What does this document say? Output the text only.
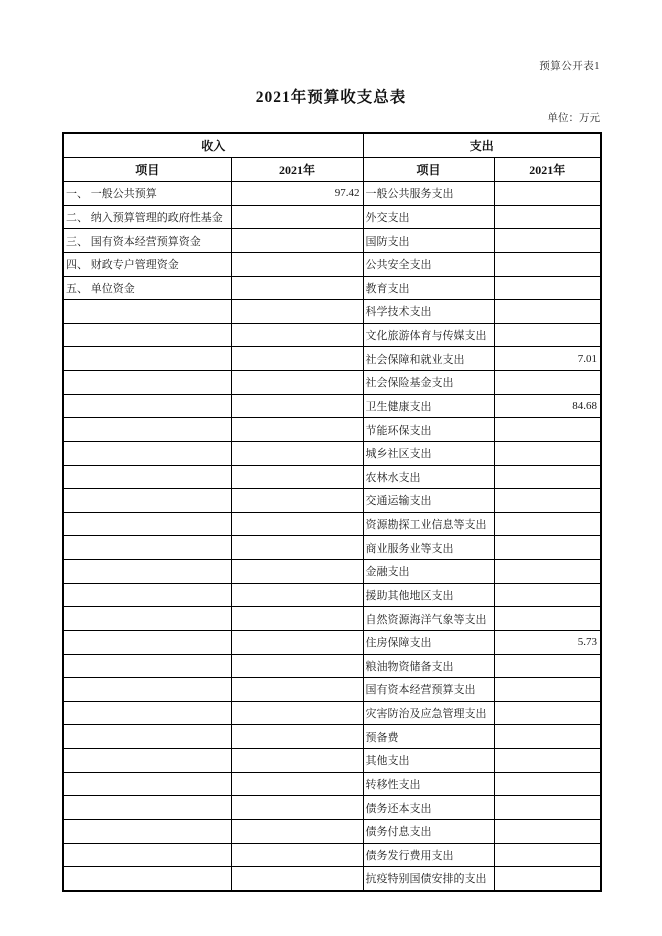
预算公开表1
2021年预算收支总表
单位：万元
收入		支出	
项目	2021年	项目	2021年
一、 一般公共预算	97.42	一般公共服务支出	
二、 纳入预算管理的政府性基金		外交支出	
三、 国有资本经营预算资金		国防支出	
四、 财政专户管理资金		公共安全支出	
五、 单位资金		教育支出	
		科学技术支出	
		文化旅游体育与传媒支出	
		社会保障和就业支出	7.01
		社会保险基金支出	
		卫生健康支出	84.68
		节能环保支出	
		城乡社区支出	
		农林水支出	
		交通运输支出	
		资源勘探工业信息等支出	
		商业服务业等支出	
		金融支出	
		援助其他地区支出	
		自然资源海洋气象等支出	
		住房保障支出	5.73
		粮油物资储备支出	
		国有资本经营预算支出	
		灾害防治及应急管理支出	
		预备费	
		其他支出	
		转移性支出	
		债务还本支出	
		债务付息支出	
		债务发行费用支出	
		抗疫特别国债安排的支出	
